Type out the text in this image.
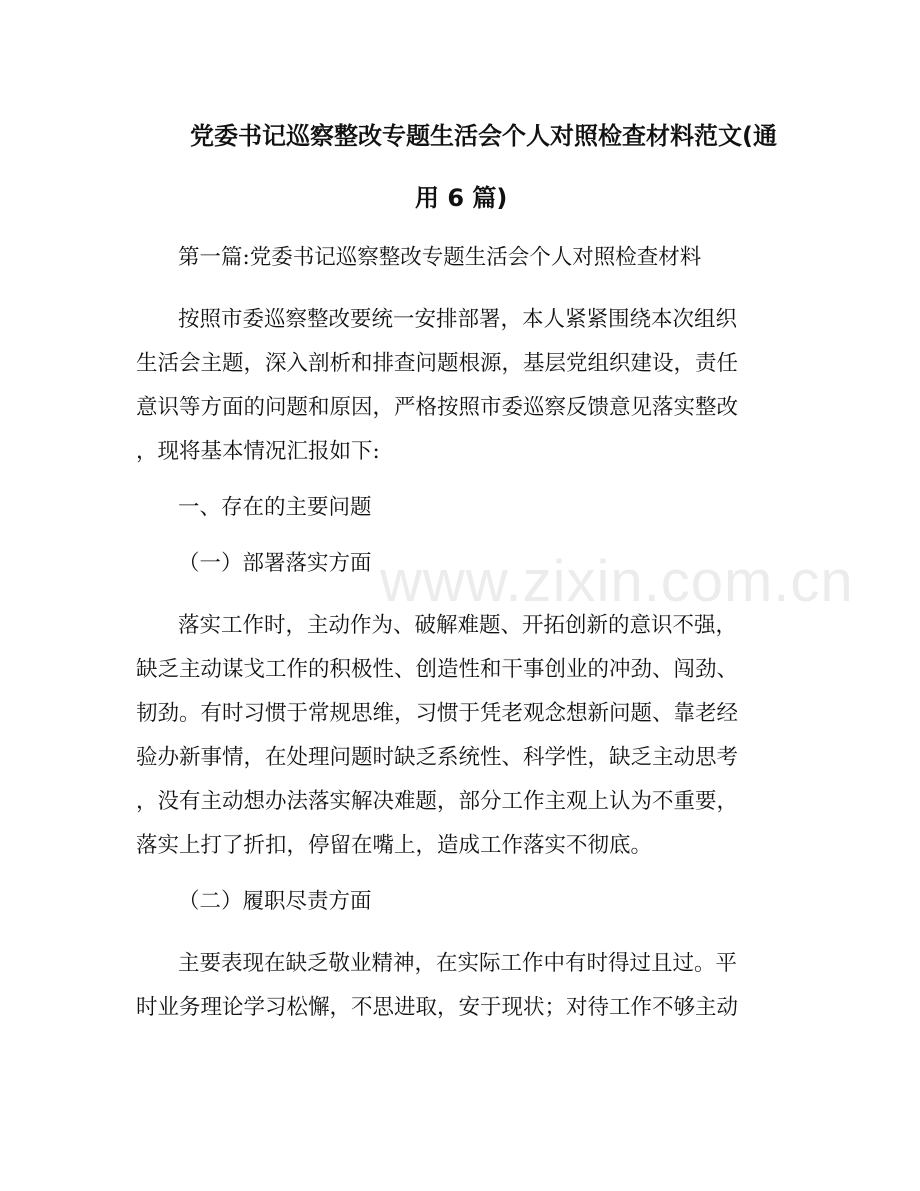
党委书记巡察整改专题生活会个人对照检查材料范文(通
用 6 篇)
第一篇:党委书记巡察整改专题生活会个人对照检查材料
按照市委巡察整改要统一安排部署，本人紧紧围绕本次组织
生活会主题，深入剖析和排查问题根源，基层党组织建设，责任
意识等方面的问题和原因，严格按照市委巡察反馈意见落实整改
，现将基本情况汇报如下:
一、存在的主要问题
（一）部署落实方面 www.zixin.com.cn
落实工作时，主动作为、破解难题、开拓创新的意识不强，
缺乏主动谋戈工作的积极性、创造性和干事创业的冲劲、闯劲、
韧劲。有时习惯于常规思维，习惯于凭老观念想新问题、靠老经
验办新事情，在处理问题时缺乏系统性、科学性，缺乏主动思考
，没有主动想办法落实解决难题，部分工作主观上认为不重要，
落实上打了折扣，停留在嘴上，造成工作落实不彻底。
（二）履职尽责方面
主要表现在缺乏敬业精神，在实际工作中有时得过且过。平
时业务理论学习松懈，不思进取，安于现状；对待工作不够主动
